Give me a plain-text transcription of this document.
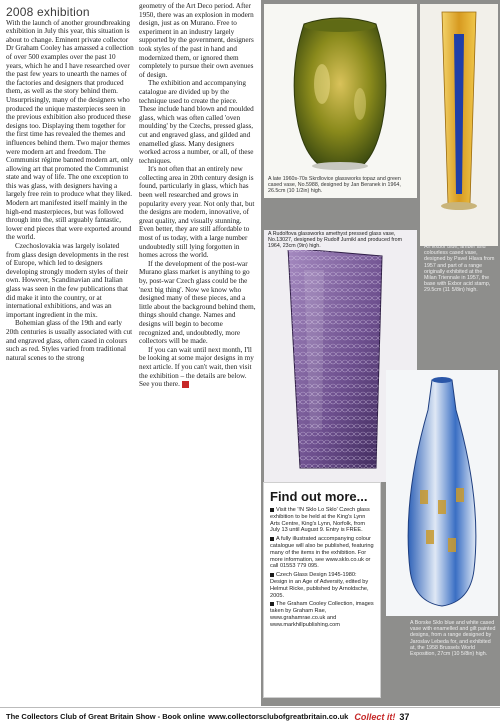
2008 exhibition

With the launch of another groundbreaking exhibition in July this year, this situation is about to change. Eminent private collector Dr Graham Cooley has amassed a collection of over 500 examples over the past 10 years, which he and I have researched over the past few years to unearth the names of the factories and designers that produced them, as well as the story behind them. Unsurprisingly, many of the designers who produced the unique masterpieces seen in the previous exhibition also produced these designs too. Displaying them together for the first time has revealed the themes and influences behind them. Two major themes were modern art and freedom. The Communist régime banned modern art, only allowing art that promoted the Communist state and way of life. The one exception to this was glass, with designers having a largely free rein to produce what they liked. Modern art manifested itself mainly in the high-end masterpieces, but was followed through into the, still arguably fantastic, lower end pieces that were exported around the world.

Czechoslovakia was largely isolated from glass design developments in the rest of Europe, which led to designers developing strongly modern styles of their own. However, Scandinavian and Italian glass was seen in the few publications that did make it into the country, or at international exhibitions, and was an important ingredient in the mix.

Bohemian glass of the 19th and early 20th centuries is usually associated with cut and engraved glass, often cased in colours such as red. Styles varied from traditional natural scenes to the strong

geometry of the Art Deco period. After 1950, there was an explosion in modern design, just as on Murano. Free to experiment in an industry largely supported by the government, designers took styles of the past in hand and modernized them, or ignored them completely to pursue their own avenues of design.

The exhibition and accompanying catalogue are divided up by the technique used to create the piece. These include hand blown and moulded glass, which was often called 'oven moulding' by the Czechs, pressed glass, cut and engraved glass, and gilded and enamelled glass. Many designers worked across a number, or all, of these techniques.

It's not often that an entirely new collecting area in 20th century design is found, particularly in glass, which has been well researched and grows in popularity every year. Not only that, but the designs are modern, innovative, of great quality, and visually stunning. Even better, they are still affordable to most of us today, with a large number undoubtedly still lying forgotten in homes across the world.

If the development of the post-war Murano glass market is anything to go by, post-war Czech glass could be the 'next big thing'. Now we know who designed many of these pieces, and a little about the background behind them, things should change. Names and designs will begin to become recognized and, undoubtedly, more collectors will be made.

If you can wait until next month, I'll be looking at some major designs in my next article. If you can't wait, then visit the exhibition – the details are below. See you there.

A late 1960s-70s Skrdlovice glassworks topaz and green cased vase, No.5988, designed by Jan Beranek in 1964, 26.5cm (10 1/2in) high.
An Exbor blue, amber and colourless cased vase, designed by Pavel Hlava from 1957 and part of a range originally exhibited at the Milan Triennale in 1957, the base with Exbor acid stamp, 29.5cm (11 5/8in) high.
A Rudolfova glassworks amethyst pressed glass vase, No.13027, designed by Rudolf Jurnikl and produced from 1964, 23cm (9in) high.
A Borske Sklo blue and white cased vase with enamelled and gilt painted designs, from a range designed by Jaroslav Lebeda for, and exhibited at, the 1958 Brussels World Exposition, 27cm (10 5/8in) high.
Find out more...
Visit the '!N Sklo Lo Sklo' Czech glass exhibition to be held at the King's Lynn Arts Centre, King's Lynn, Norfolk, from July 13 until August 9. Entry is FREE.
A fully illustrated accompanying colour catalogue will also be published, featuring many of the items in the exhibition. For more information, see www.sklo.co.uk or call 01553 779 095.
Czech Glass Design 1945-1980: Design in an Age of Adversity, edited by Helmut Ricke, published by Arnoldsche, 2005.
The Graham Cooley Collection, images taken by Graham Rae, www.grahamrae.co.uk and www.markhillpublishing.com
The Collectors Club of Great Britain Show - Book online www.collectorsclubofgreatbritain.co.uk Collect it! 37
